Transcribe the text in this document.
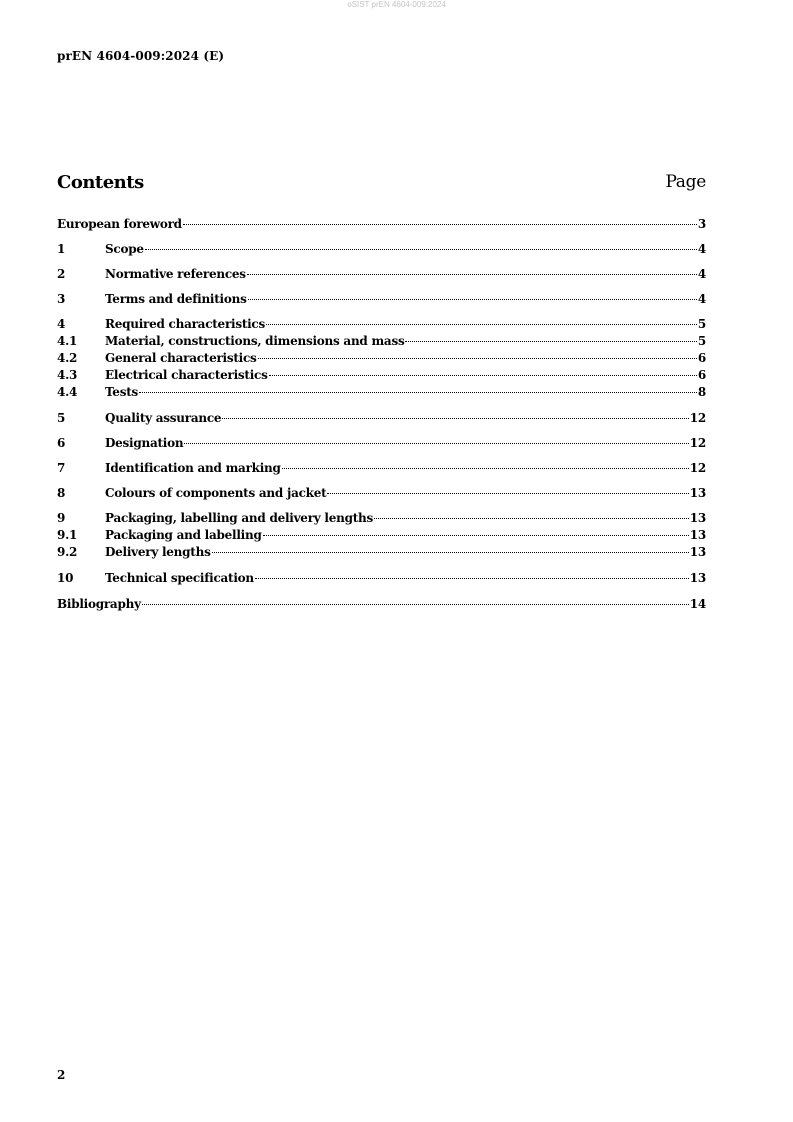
oSIST prEN 4604-009:2024
prEN 4604-009:2024 (E)
Contents	Page
European foreword	3
1	Scope	4
2	Normative references	4
3	Terms and definitions	4
4	Required characteristics	5
4.1	Material, constructions, dimensions and mass	5
4.2	General characteristics	6
4.3	Electrical characteristics	6
4.4	Tests	8
5	Quality assurance	12
6	Designation	12
7	Identification and marking	12
8	Colours of components and jacket	13
9	Packaging, labelling and delivery lengths	13
9.1	Packaging and labelling	13
9.2	Delivery lengths	13
10	Technical specification	13
Bibliography	14
2
